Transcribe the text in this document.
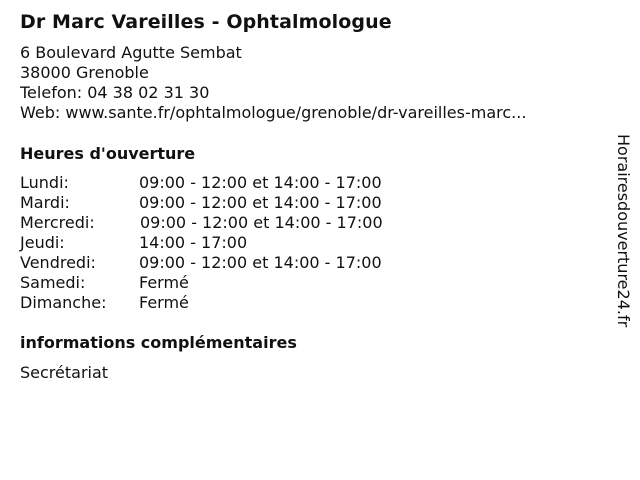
Dr Marc Vareilles - Ophtalmologue
6 Boulevard Agutte Sembat
38000 Grenoble
Telefon: 04 38 02 31 30
Web: www.sante.fr/ophtalmologue/grenoble/dr-vareilles-marc...
Heures d'ouverture
Lundi:	09:00 - 12:00 et 14:00 - 17:00
Mardi:	09:00 - 12:00 et 14:00 - 17:00
Mercredi:	09:00 - 12:00 et 14:00 - 17:00
Jeudi:	14:00 - 17:00
Vendredi:	09:00 - 12:00 et 14:00 - 17:00
Samedi:	Fermé
Dimanche: Fermé
informations complémentaires
Secrétariat
Horairesdouverture24.fr
